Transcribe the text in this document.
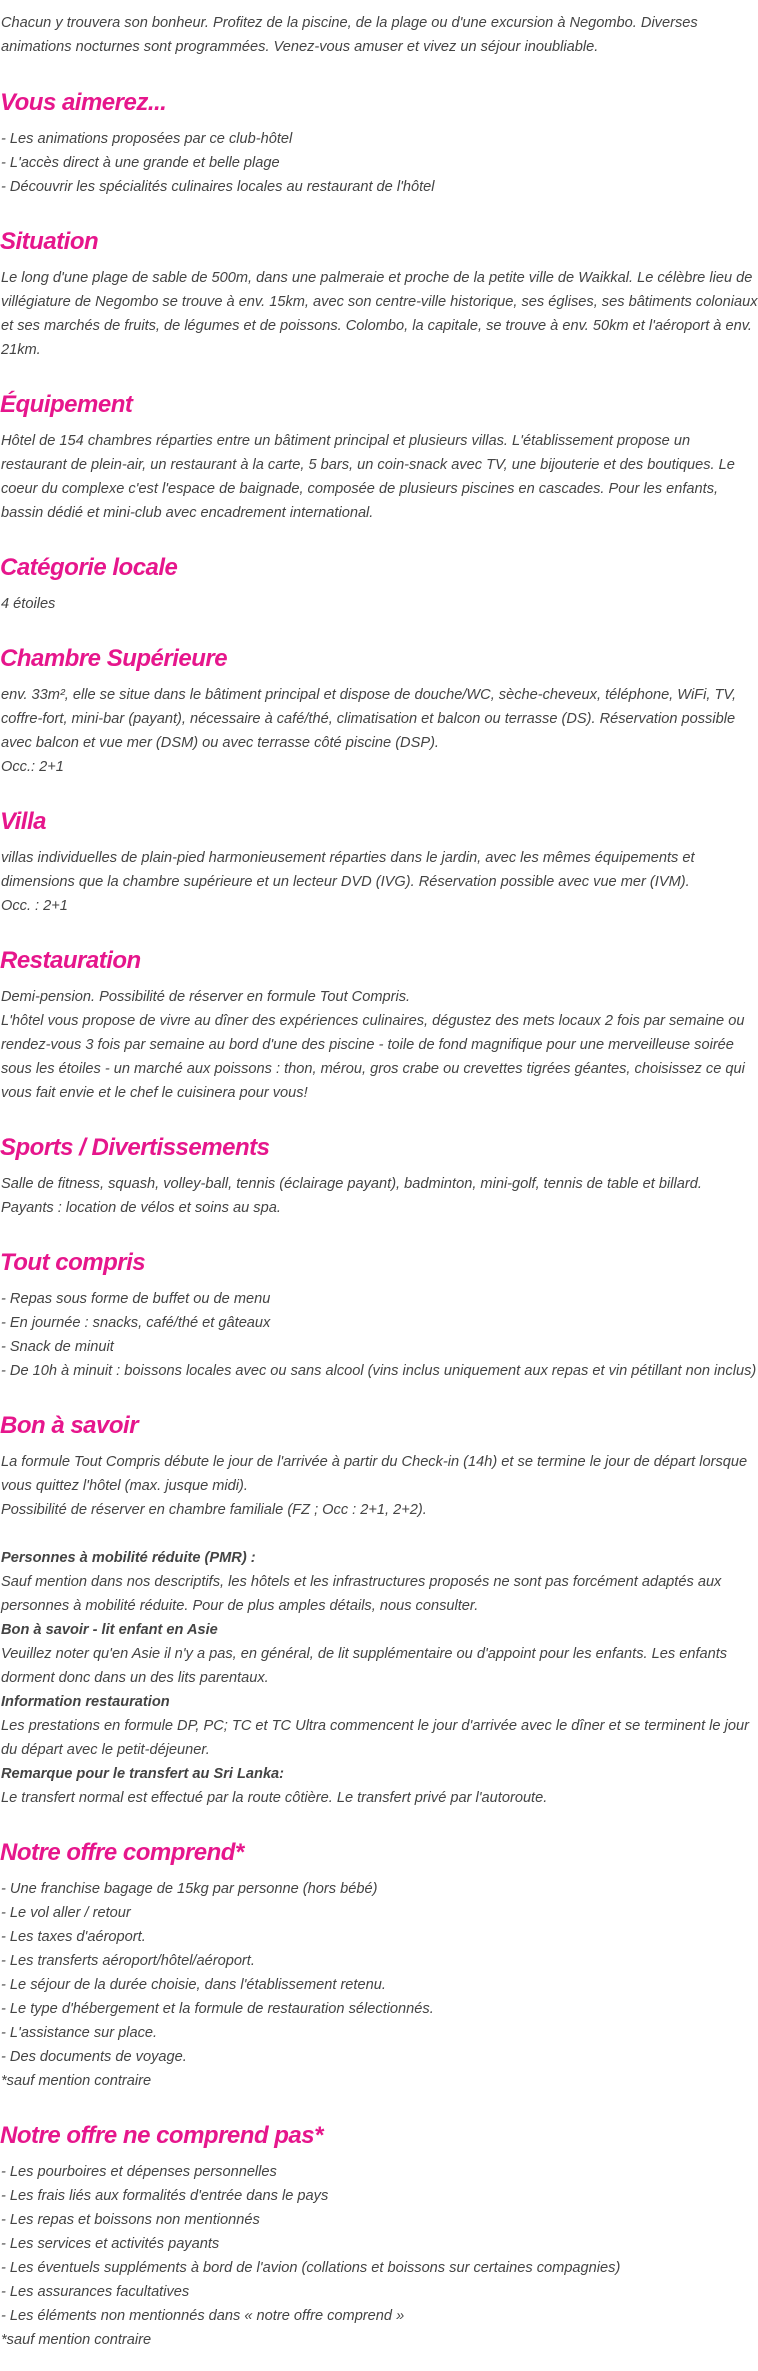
Chacun y trouvera son bonheur. Profitez de la piscine, de la plage ou d'une excursion à Negombo. Diverses animations nocturnes sont programmées. Venez-vous amuser et vivez un séjour inoubliable.

Vous aimerez...
- Les animations proposées par ce club-hôtel
- L'accès direct à une grande et belle plage
- Découvrir les spécialités culinaires locales au restaurant de l'hôtel
Situation

Le long d'une plage de sable de 500m, dans une palmeraie et proche de la petite ville de Waikkal. Le célèbre lieu de villégiature de Negombo se trouve à env. 15km, avec son centre-ville historique, ses églises, ses bâtiments coloniaux et ses marchés de fruits, de légumes et de poissons. Colombo, la capitale, se trouve à env. 50km et l'aéroport à env. 21km.

Équipement

Hôtel de 154 chambres réparties entre un bâtiment principal et plusieurs villas. L'établissement propose un restaurant de plein-air, un restaurant à la carte, 5 bars, un coin-snack avec TV, une bijouterie et des boutiques. Le coeur du complexe c'est l'espace de baignade, composée de plusieurs piscines en cascades. Pour les enfants, bassin dédié et mini-club avec encadrement international.

Catégorie locale

4 étoiles

Chambre Supérieure

env. 33m², elle se situe dans le bâtiment principal et dispose de douche/WC, sèche-cheveux, téléphone, WiFi, TV, coffre-fort, mini-bar (payant), nécessaire à café/thé, climatisation et balcon ou terrasse (DS). Réservation possible avec balcon et vue mer (DSM) ou avec terrasse côté piscine (DSP).

Occ.: 2+1

Villa

villas individuelles de plain-pied harmonieusement réparties dans le jardin, avec les mêmes équipements et dimensions que la chambre supérieure et un lecteur DVD (IVG). Réservation possible avec vue mer (IVM).

Occ. : 2+1

Restauration

Demi-pension. Possibilité de réserver en formule Tout Compris.

L'hôtel vous propose de vivre au dîner des expériences culinaires, dégustez des mets locaux 2 fois par semaine ou rendez-vous 3 fois par semaine au bord d'une des piscine - toile de fond magnifique pour une merveilleuse soirée sous les étoiles - un marché aux poissons : thon, mérou, gros crabe ou crevettes tigrées géantes, choisissez ce qui vous fait envie et le chef le cuisinera pour vous!

Sports / Divertissements

Salle de fitness, squash, volley-ball, tennis (éclairage payant), badminton, mini-golf, tennis de table et billard.

Payants : location de vélos et soins au spa.

Tout compris
- Repas sous forme de buffet ou de menu
- En journée : snacks, café/thé et gâteaux
- Snack de minuit
- De 10h à minuit : boissons locales avec ou sans alcool (vins inclus uniquement aux repas et vin pétillant non inclus)
Bon à savoir

La formule Tout Compris débute le jour de l'arrivée à partir du Check-in (14h) et se termine le jour de départ lorsque vous quittez l'hôtel (max. jusque midi).

Possibilité de réserver en chambre familiale (FZ ; Occ : 2+1, 2+2).

Personnes à mobilité réduite (PMR) :

Sauf mention dans nos descriptifs, les hôtels et les infrastructures proposés ne sont pas forcément adaptés aux personnes à mobilité réduite. Pour de plus amples détails, nous consulter.

Bon à savoir - lit enfant en Asie

Veuillez noter qu'en Asie il n'y a pas, en général, de lit supplémentaire ou d'appoint pour les enfants. Les enfants dorment donc dans un des lits parentaux.

Information restauration

Les prestations en formule DP, PC; TC et TC Ultra commencent le jour d'arrivée avec le dîner et se terminent le jour du départ avec le petit-déjeuner.

Remarque pour le transfert au Sri Lanka:

Le transfert normal est effectué par la route côtière. Le transfert privé par l'autoroute.

Notre offre comprend*
- Une franchise bagage de 15kg par personne (hors bébé)
- Le vol aller / retour
- Les taxes d'aéroport.
- Les transferts aéroport/hôtel/aéroport.
- Le séjour de la durée choisie, dans l'établissement retenu.
- Le type d'hébergement et la formule de restauration sélectionnés.
- L'assistance sur place.
- Des documents de voyage.

*sauf mention contraire

Notre offre ne comprend pas*
- Les pourboires et dépenses personnelles
- Les frais liés aux formalités d'entrée dans le pays
- Les repas et boissons non mentionnés
- Les services et activités payants
- Les éventuels suppléments à bord de l'avion (collations et boissons sur certaines compagnies)
- Les assurances facultatives
- Les éléments non mentionnés dans « notre offre comprend »

*sauf mention contraire
